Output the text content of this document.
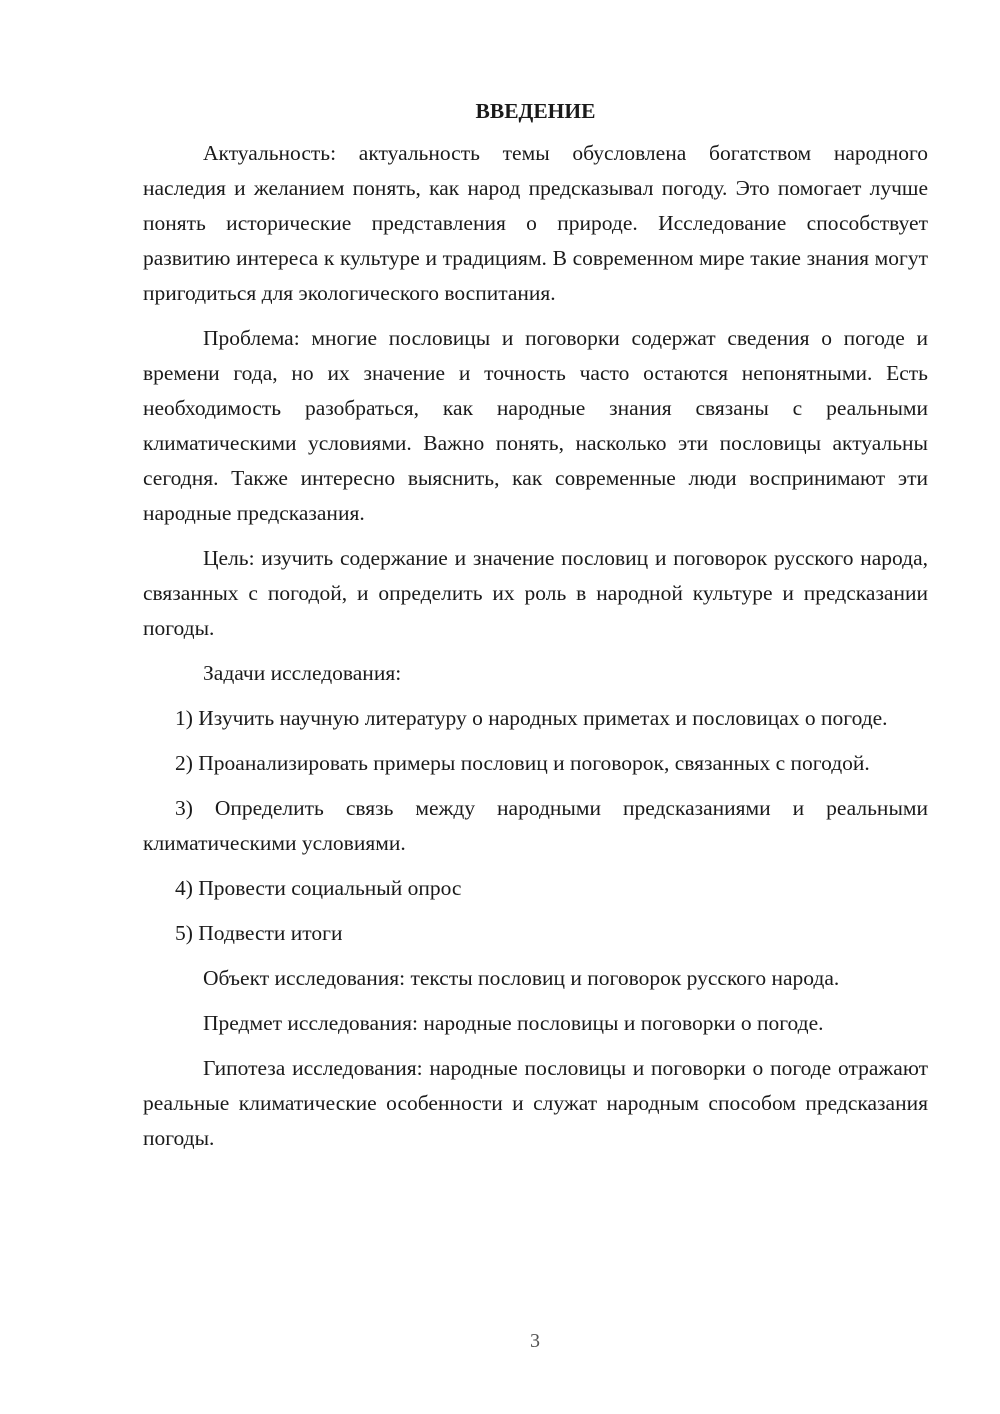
ВВЕДЕНИЕ

Актуальность: актуальность темы обусловлена богатством народного наследия и желанием понять, как народ предсказывал погоду. Это помогает лучше понять исторические представления о природе. Исследование способствует развитию интереса к культуре и традициям. В современном мире такие знания могут пригодиться для экологического воспитания.

Проблема: многие пословицы и поговорки содержат сведения о погоде и времени года, но их значение и точность часто остаются непонятными. Есть необходимость разобраться, как народные знания связаны с реальными климатическими условиями. Важно понять, насколько эти пословицы актуальны сегодня. Также интересно выяснить, как современные люди воспринимают эти народные предсказания.

Цель: изучить содержание и значение пословиц и поговорок русского народа, связанных с погодой, и определить их роль в народной культуре и предсказании погоды.

Задачи исследования:

1) Изучить научную литературу о народных приметах и пословицах о погоде.

2) Проанализировать примеры пословиц и поговорок, связанных с погодой.

3) Определить связь между народными предсказаниями и реальными климатическими условиями.

4) Провести социальный опрос

5) Подвести итоги

Объект исследования: тексты пословиц и поговорок русского народа.

Предмет исследования: народные пословицы и поговорки о погоде.

Гипотеза исследования: народные пословицы и поговорки о погоде отражают реальные климатические особенности и служат народным способом предсказания погоды.

3
